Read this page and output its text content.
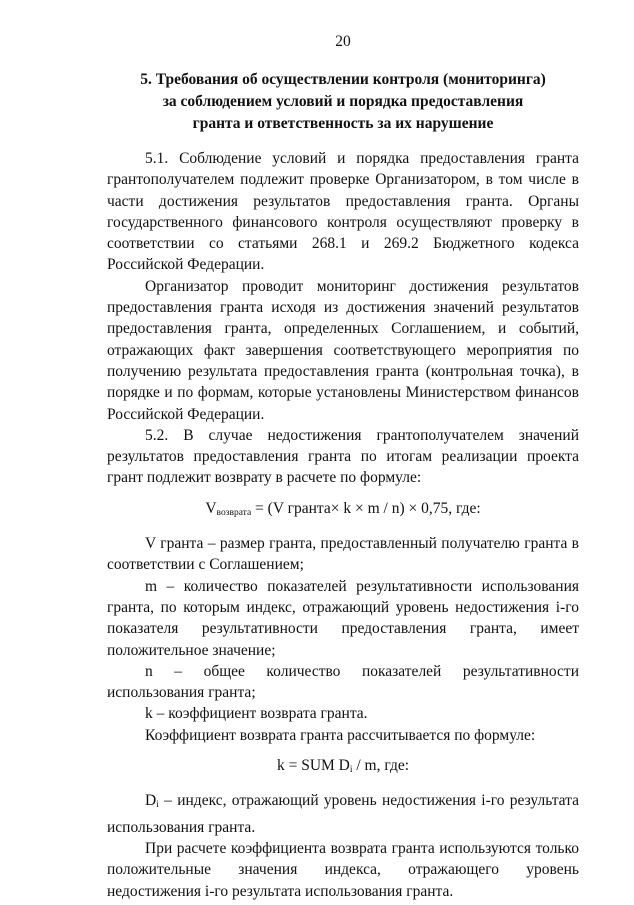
20
5. Требования об осуществлении контроля (мониторинга)
за соблюдением условий и порядка предоставления
гранта и ответственность за их нарушение

5.1. Соблюдение условий и порядка предоставления гранта грантополучателем подлежит проверке Организатором, в том числе в части достижения результатов предоставления гранта. Органы государственного финансового контроля осуществляют проверку в соответствии со статьями 268.1 и 269.2 Бюджетного кодекса Российской Федерации.

Организатор проводит мониторинг достижения результатов предоставления гранта исходя из достижения значений результатов предоставления гранта, определенных Соглашением, и событий, отражающих факт завершения соответствующего мероприятия по получению результата предоставления гранта (контрольная точка), в порядке и по формам, которые установлены Министерством финансов Российской Федерации.

5.2. В случае недостижения грантополучателем значений результатов предоставления гранта по итогам реализации проекта грант подлежит возврату в расчете по формуле:

$V_{возврата} = (V$ гранта× k × m / n) × 0,75, где:

V гранта – размер гранта, предоставленный получателю гранта в соответствии с Соглашением;

m – количество показателей результативности использования гранта, по которым индекс, отражающий уровень недостижения i-го показателя результативности предоставления гранта, имеет положительное значение;

n – общее количество показателей результативности использования гранта;

k – коэффициент возврата гранта.

Коэффициент возврата гранта рассчитывается по формуле:

k = SUM $D_i$ / m, где:

$D_i$ – индекс, отражающий уровень недостижения i-го результата использования гранта.

При расчете коэффициента возврата гранта используются только положительные значения индекса, отражающего уровень недостижения i-го результата использования гранта.
